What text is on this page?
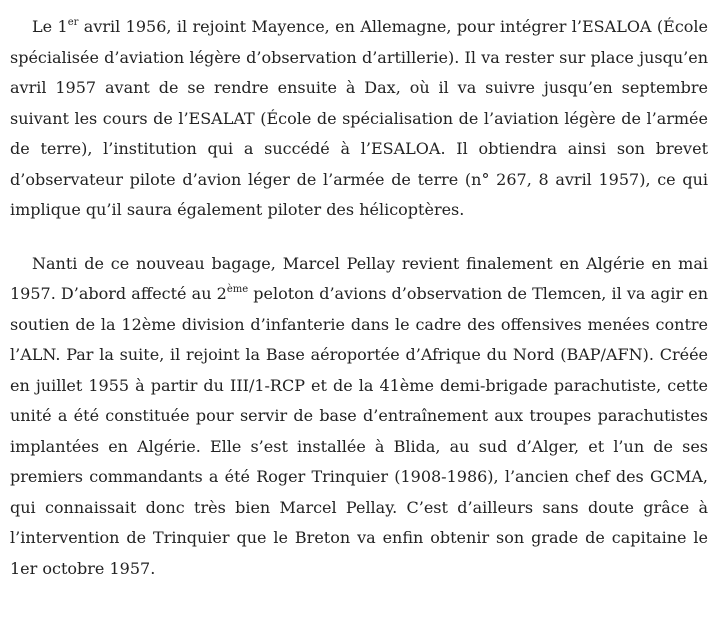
Le 1er avril 1956, il rejoint Mayence, en Allemagne, pour intégrer l’ESALOA (École spécialisée d’aviation légère d’observation d’artillerie). Il va rester sur place jusqu’en avril 1957 avant de se rendre ensuite à Dax, où il va suivre jusqu’en septembre suivant les cours de l’ESALAT (École de spécialisation de l’aviation légère de l’armée de terre), l’institution qui a succédé à l’ESALOA. Il obtiendra ainsi son brevet d’observateur pilote d’avion léger de l’armée de terre (n° 267, 8 avril 1957), ce qui implique qu’il saura également piloter des hélicoptères.

Nanti de ce nouveau bagage, Marcel Pellay revient finalement en Algérie en mai 1957. D’abord affecté au 2ème peloton d’avions d’observation de Tlemcen, il va agir en soutien de la 12ème division d’infanterie dans le cadre des offensives menées contre l’ALN. Par la suite, il rejoint la Base aéroportée d’Afrique du Nord (BAP/AFN). Créée en juillet 1955 à partir du III/1-RCP et de la 41ème demi-brigade parachutiste, cette unité a été constituée pour servir de base d’entraînement aux troupes parachutistes implantées en Algérie. Elle s’est installée à Blida, au sud d’Alger, et l’un de ses premiers commandants a été Roger Trinquier (1908-1986), l’ancien chef des GCMA, qui connaissait donc très bien Marcel Pellay. C’est d’ailleurs sans doute grâce à l’intervention de Trinquier que le Breton va enfin obtenir son grade de capitaine le 1er octobre 1957.
